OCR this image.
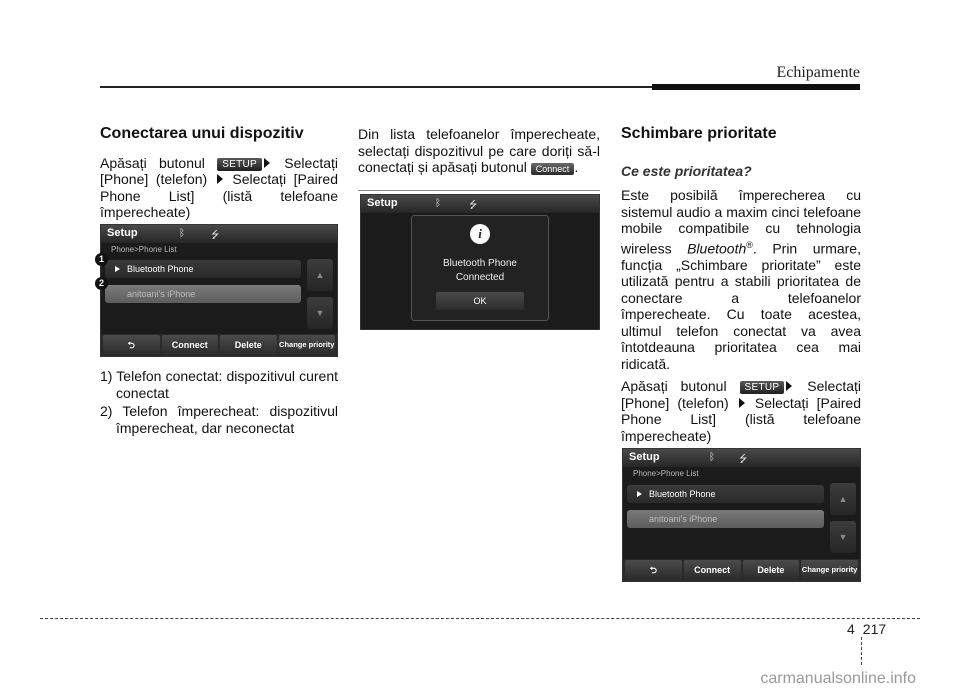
Echipamente
Conectarea unui dispozitiv

Apăsați butonul SETUP Selectați [Phone] (telefon)  Selectați [Paired Phone List] (listă telefoane împerecheate)

Setup	ᛒ	⭍
Phone>Phone List
Bluetooth Phone
anitoani's iPhone
▲
▼
⮌	Connect	Delete	Change priority
1
2
1) Telefon conectat: dispozitivul curent conectat
2) Telefon împerecheat: dispozitivul împerecheat, dar neconectat

Din lista telefoanelor împerecheate, selectați dispozitivul pe care doriți să-l conectați și apăsați butonul Connect .

Setup	ᛒ	⭍
i
Bluetooth Phone
Connected
OK
Schimbare prioritate
Ce este prioritatea?

Este posibilă împerecherea cu sistemul audio a maxim cinci telefoane mobile compatibile cu tehnologia wireless Bluetooth®. Prin urmare, funcția „Schimbare prioritate” este utilizată pentru a stabili prioritatea de conectare a telefoanelor împerecheate. Cu toate acestea, ultimul telefon conectat va avea întotdeauna prioritatea cea mai ridicată.

Apăsați butonul SETUP Selectați [Phone] (telefon)  Selectați [Paired Phone List] (listă telefoane împerecheate)

Setup	ᛒ ⭍
Phone>Phone List
Bluetooth Phone
anitoani's iPhone
▲
▼
⮌	Connect	Delete	Change priority
4 217
carmanualsonline.info
